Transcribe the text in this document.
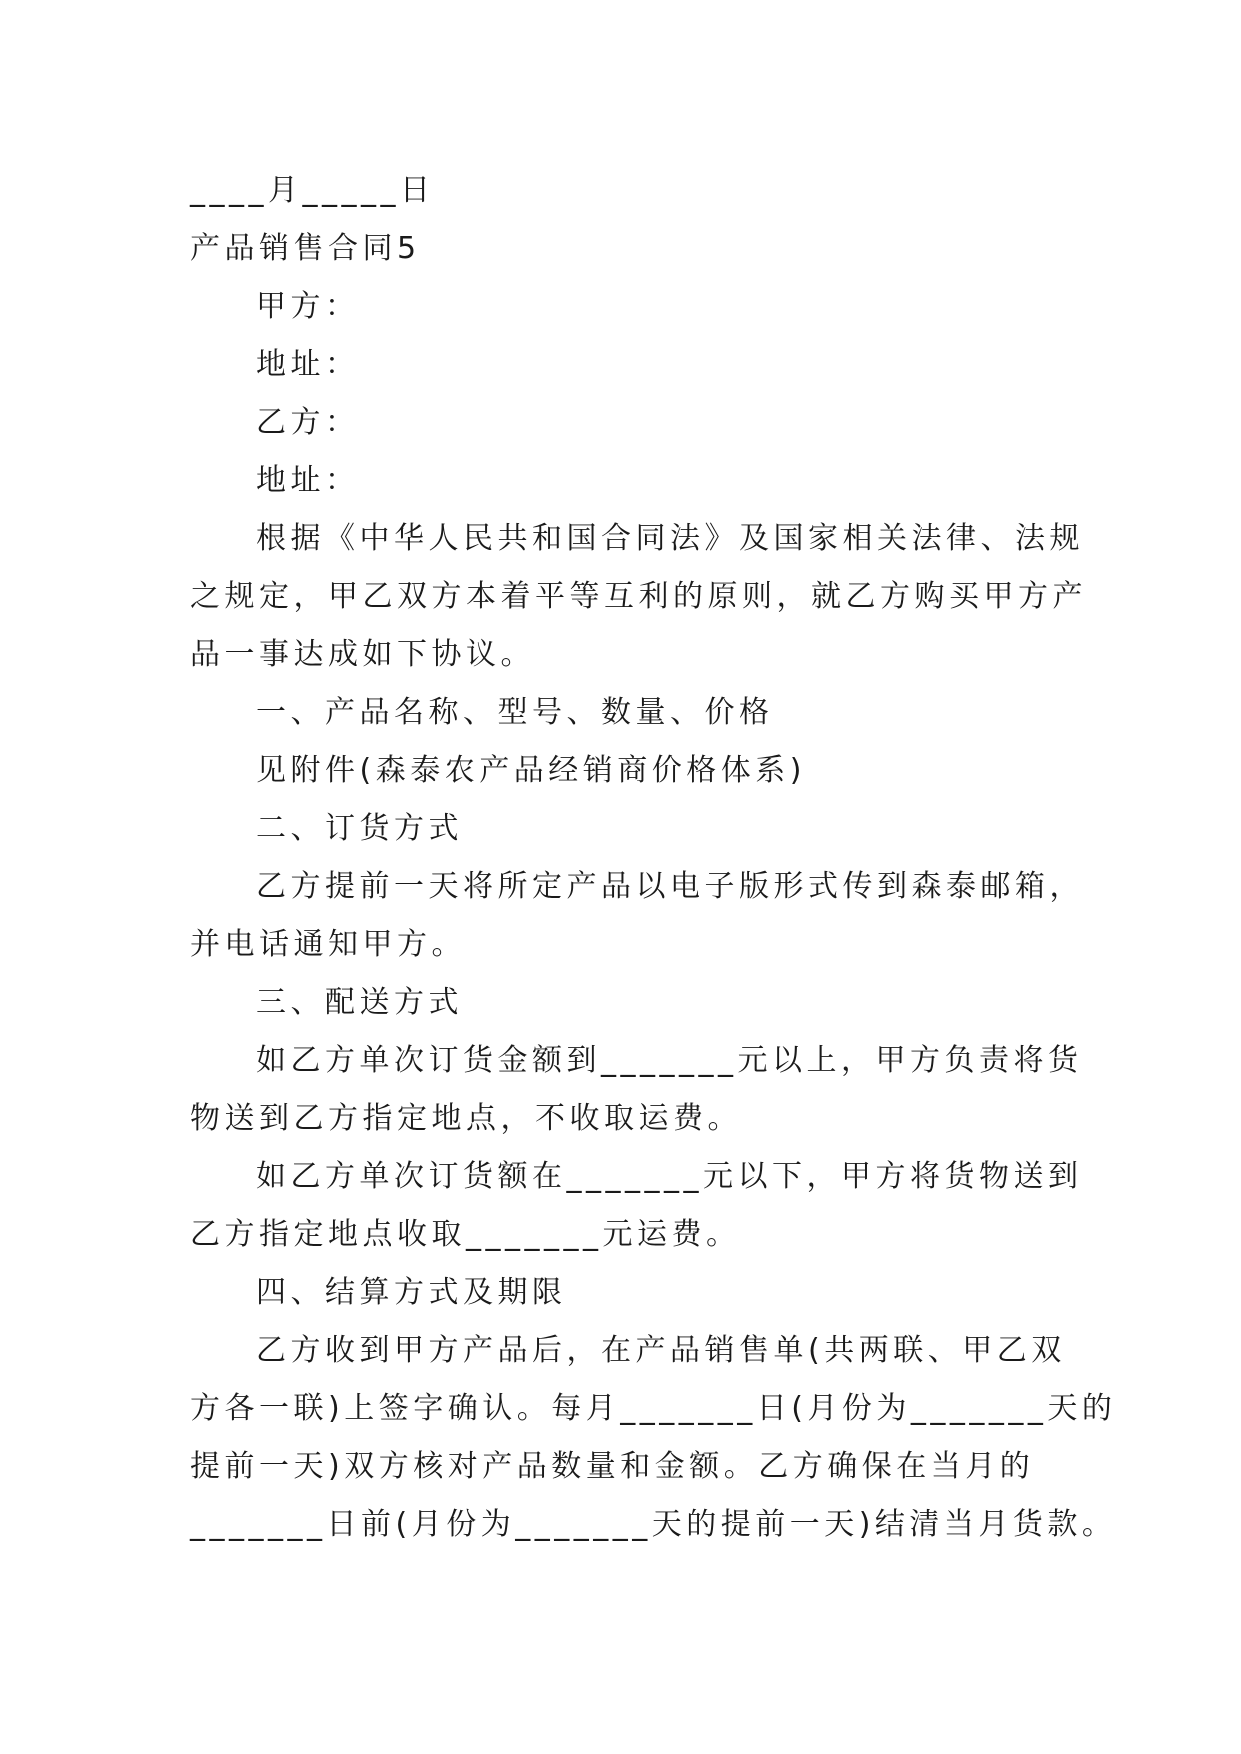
____月_____日
产品销售合同5
甲方：
地址：
乙方：
地址：
根据《中华人民共和国合同法》及国家相关法律、法规
之规定，甲乙双方本着平等互利的原则，就乙方购买甲方产
品一事达成如下协议。
一、产品名称、型号、数量、价格
见附件(森泰农产品经销商价格体系)
二、订货方式
乙方提前一天将所定产品以电子版形式传到森泰邮箱，
并电话通知甲方。
三、配送方式
如乙方单次订货金额到_______元以上，甲方负责将货
物送到乙方指定地点，不收取运费。
如乙方单次订货额在_______元以下，甲方将货物送到
乙方指定地点收取_______元运费。
四、结算方式及期限
乙方收到甲方产品后，在产品销售单(共两联、甲乙双
方各一联)上签字确认。每月_______日(月份为_______天的
提前一天)双方核对产品数量和金额。乙方确保在当月的
_______日前(月份为_______天的提前一天)结清当月货款。
